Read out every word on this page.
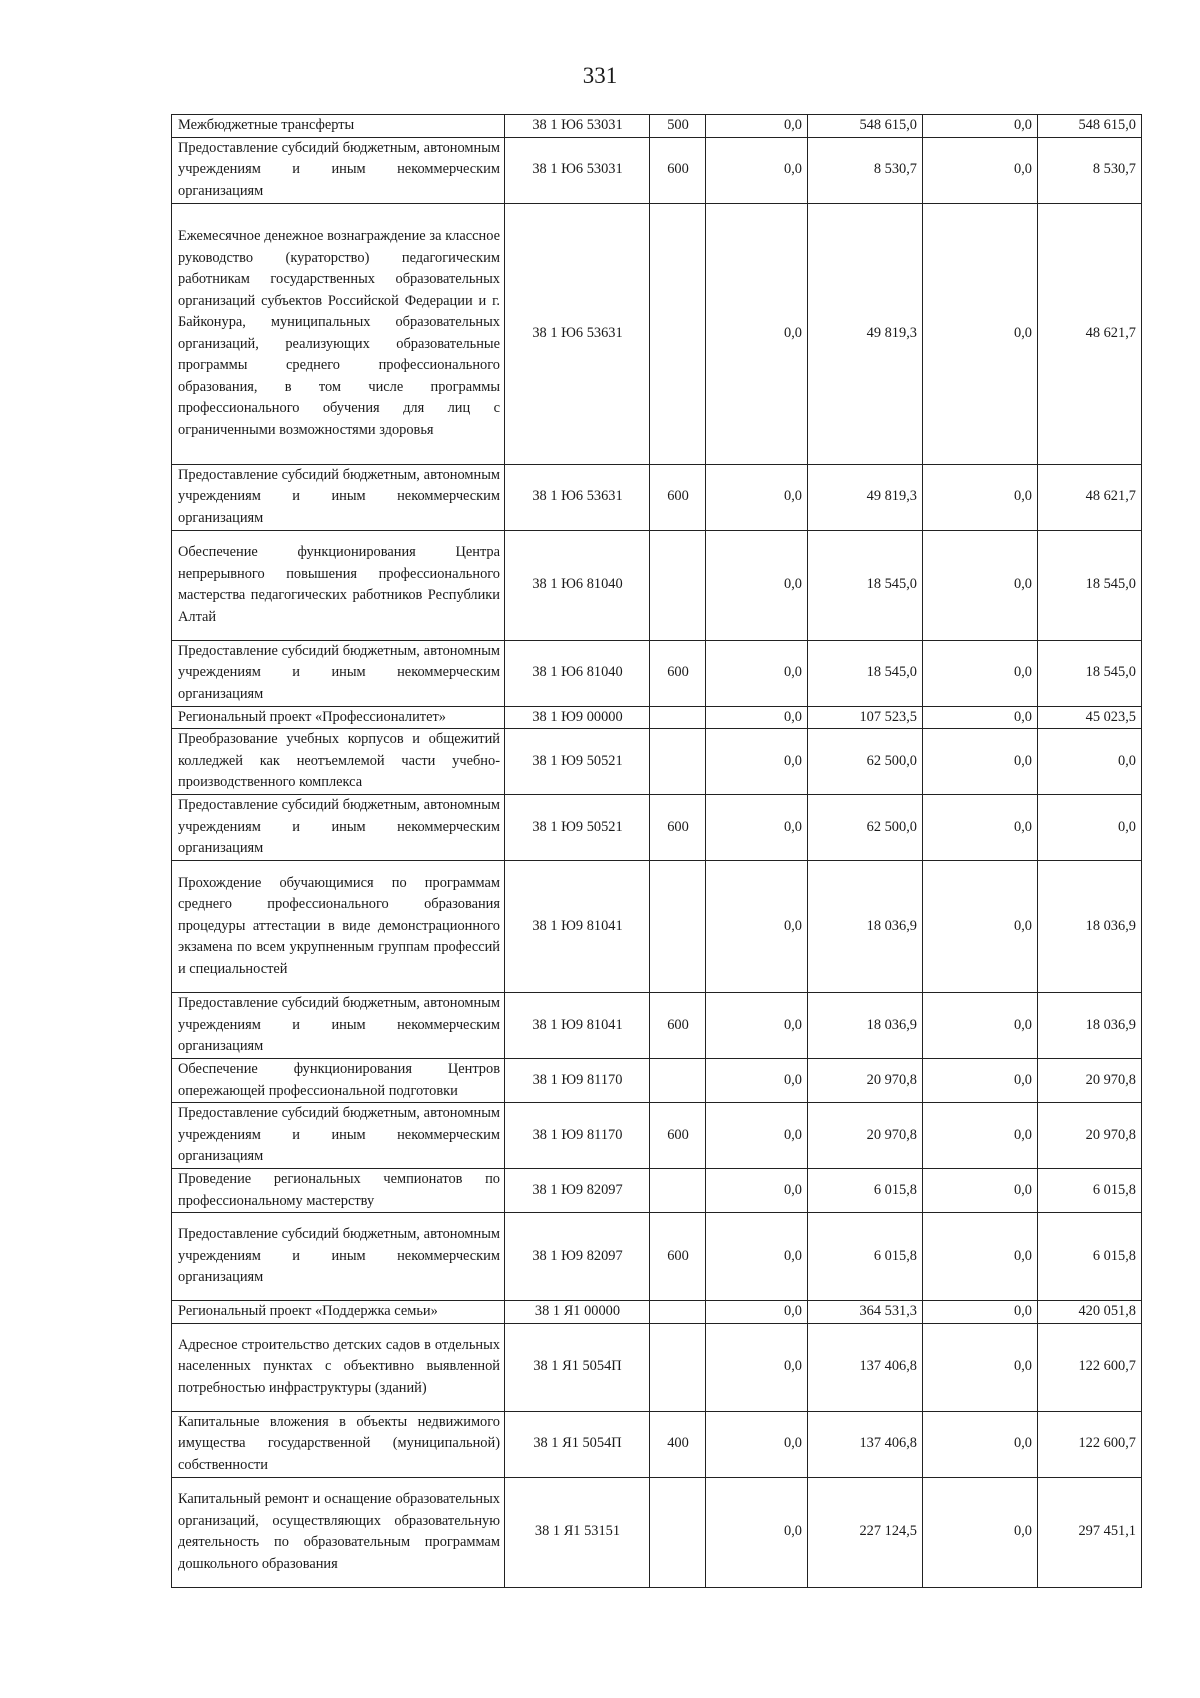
331
Межбюджетные трансферты	38 1 Ю6 53031	500	0,0	548 615,0	0,0	548 615,0
Предоставление субсидий бюджетным, автономным учреждениям и иным некоммерческим организациям	38 1 Ю6 53031	600	0,0	8 530,7	0,0	8 530,7
Ежемесячное денежное вознаграждение за классное руководство (кураторство) педагогическим работникам государственных образовательных организаций субъектов Российской Федерации и г. Байконура, муниципальных образовательных организаций, реализующих образовательные программы среднего профессионального образования, в том числе программы профессионального обучения для лиц с ограниченными возможностями здоровья	38 1 Ю6 53631		0,0	49 819,3	0,0	48 621,7
Предоставление субсидий бюджетным, автономным учреждениям и иным некоммерческим организациям	38 1 Ю6 53631	600	0,0	49 819,3	0,0	48 621,7
Обеспечение функционирования Центра непрерывного повышения профессионального мастерства педагогических работников Республики Алтай	38 1 Ю6 81040		0,0	18 545,0	0,0	18 545,0
Предоставление субсидий бюджетным, автономным учреждениям и иным некоммерческим организациям	38 1 Ю6 81040	600	0,0	18 545,0	0,0	18 545,0
Региональный проект «Профессионалитет»	38 1 Ю9 00000		0,0	107 523,5	0,0	45 023,5
Преобразование учебных корпусов и общежитий колледжей как неотъемлемой части учебно-производственного комплекса	38 1 Ю9 50521		0,0	62 500,0	0,0	0,0
Предоставление субсидий бюджетным, автономным учреждениям и иным некоммерческим организациям	38 1 Ю9 50521	600	0,0	62 500,0	0,0	0,0
Прохождение обучающимися по программам среднего профессионального образования процедуры аттестации в виде демонстрационного экзамена по всем укрупненным группам профессий и специальностей	38 1 Ю9 81041		0,0	18 036,9	0,0	18 036,9
Предоставление субсидий бюджетным, автономным учреждениям и иным некоммерческим организациям	38 1 Ю9 81041	600	0,0	18 036,9	0,0	18 036,9
Обеспечение функционирования Центров опережающей профессиональной подготовки	38 1 Ю9 81170		0,0	20 970,8	0,0	20 970,8
Предоставление субсидий бюджетным, автономным учреждениям и иным некоммерческим организациям	38 1 Ю9 81170	600	0,0	20 970,8	0,0	20 970,8
Проведение региональных чемпионатов по профессиональному мастерству	38 1 Ю9 82097		0,0	6 015,8	0,0	6 015,8
Предоставление субсидий бюджетным, автономным учреждениям и иным некоммерческим организациям	38 1 Ю9 82097	600	0,0	6 015,8	0,0	6 015,8
Региональный проект «Поддержка семьи»	38 1 Я1 00000		0,0	364 531,3	0,0	420 051,8
Адресное строительство детских садов в отдельных населенных пунктах с объективно выявленной потребностью инфраструктуры (зданий)	38 1 Я1 5054П		0,0	137 406,8	0,0	122 600,7
Капитальные вложения в объекты недвижимого имущества государственной (муниципальной) собственности	38 1 Я1 5054П	400	0,0	137 406,8	0,0	122 600,7
Капитальный ремонт и оснащение образовательных организаций, осуществляющих образовательную деятельность по образовательным программам дошкольного образования	38 1 Я1 53151		0,0	227 124,5	0,0	297 451,1
